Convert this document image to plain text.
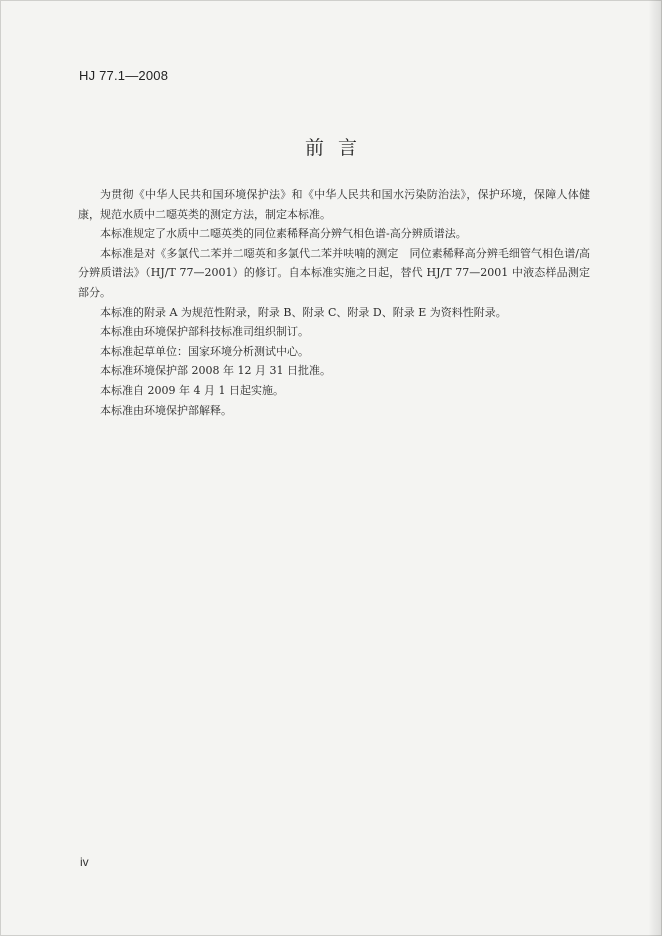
HJ 77.1—2008
前言

为贯彻《中华人民共和国环境保护法》和《中华人民共和国水污染防治法》，保护环境，保障人体健康，规范水质中二噁英类的测定方法，制定本标准。

本标准规定了水质中二噁英类的同位素稀释高分辨气相色谱-高分辨质谱法。

本标准是对《多氯代二苯并二噁英和多氯代二苯并呋喃的测定　同位素稀释高分辨毛细管气相色谱/高分辨质谱法》（HJ/T 77—2001）的修订。自本标准实施之日起，替代 HJ/T 77—2001 中液态样品测定部分。

本标准的附录 A 为规范性附录，附录 B、附录 C、附录 D、附录 E 为资料性附录。

本标准由环境保护部科技标准司组织制订。

本标准起草单位：国家环境分析测试中心。

本标准环境保护部 2008 年 12 月 31 日批准。

本标准自 2009 年 4 月 1 日起实施。

本标准由环境保护部解释。

iv
